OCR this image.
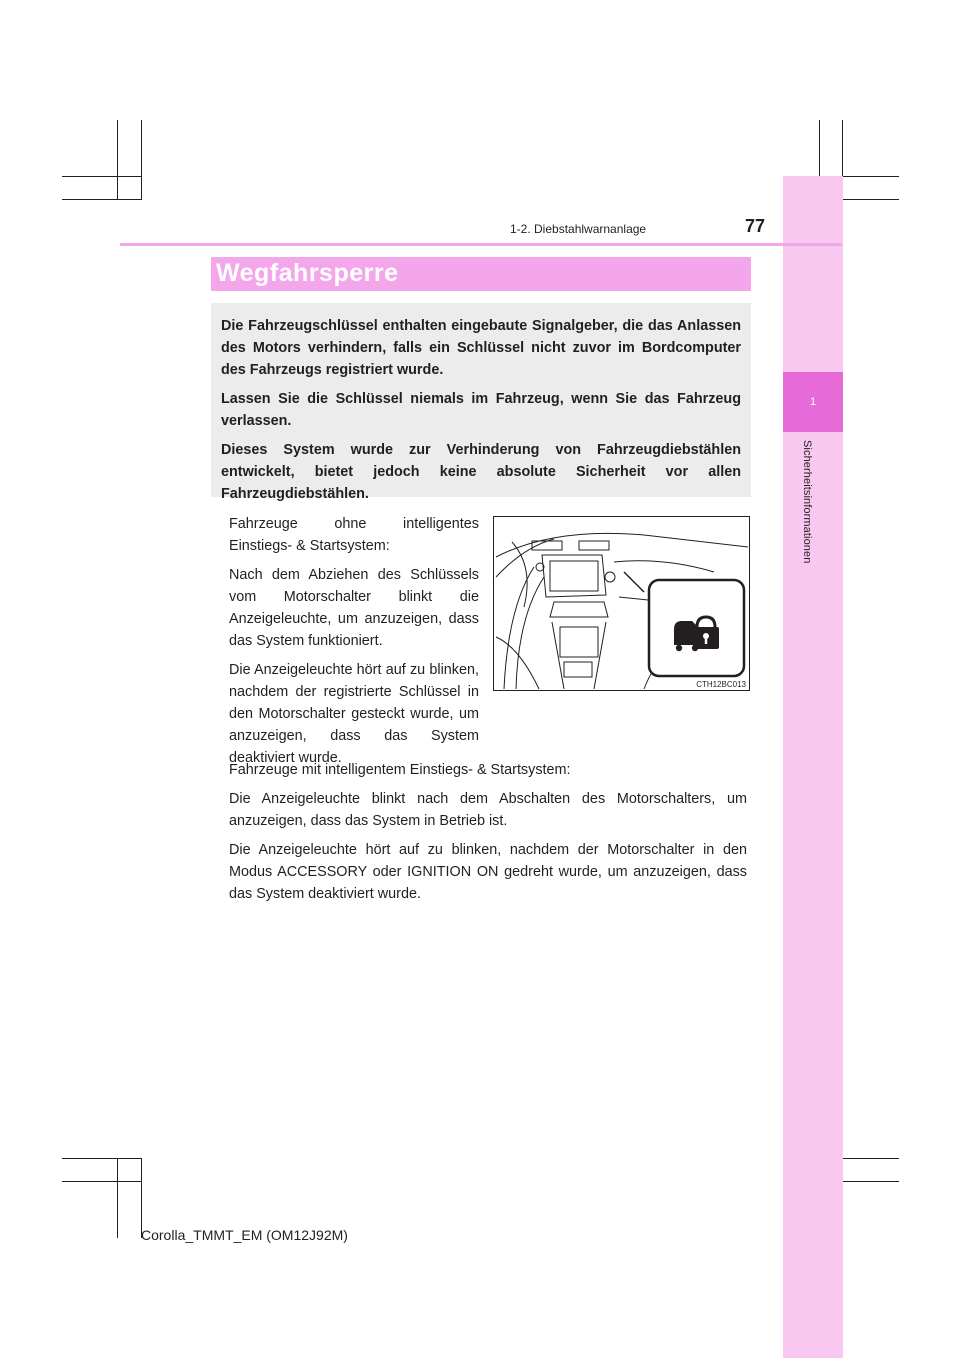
1
Sicherheitsinformationen
1-2. Diebstahlwarnanlage	77
Wegfahrsperre

Die Fahrzeugschlüssel enthalten eingebaute Signalgeber, die das Anlassen des Motors verhindern, falls ein Schlüssel nicht zuvor im Bordcomputer des Fahrzeugs registriert wurde.

Lassen Sie die Schlüssel niemals im Fahrzeug, wenn Sie das Fahrzeug verlassen.

Dieses System wurde zur Verhinderung von Fahrzeugdiebstählen entwickelt, bietet jedoch keine absolute Sicherheit vor allen Fahrzeugdiebstählen.

Fahrzeuge ohne intelligentes Einstiegs- & Startsystem:

Nach dem Abziehen des Schlüssels vom Motorschalter blinkt die Anzeigeleuchte, um anzuzeigen, dass das System funktioniert.

Die Anzeigeleuchte hört auf zu blinken, nachdem der registrierte Schlüssel in den Motorschalter gesteckt wurde, um anzuzeigen, dass das System deaktiviert wurde.

CTH12BC013

Fahrzeuge mit intelligentem Einstiegs- & Startsystem:

Die Anzeigeleuchte blinkt nach dem Abschalten des Motorschalters, um anzuzeigen, dass das System in Betrieb ist.

Die Anzeigeleuchte hört auf zu blinken, nachdem der Motorschalter in den Modus ACCESSORY oder IGNITION ON gedreht wurde, um anzuzeigen, dass das System deaktiviert wurde.

Corolla_TMMT_EM (OM12J92M)
